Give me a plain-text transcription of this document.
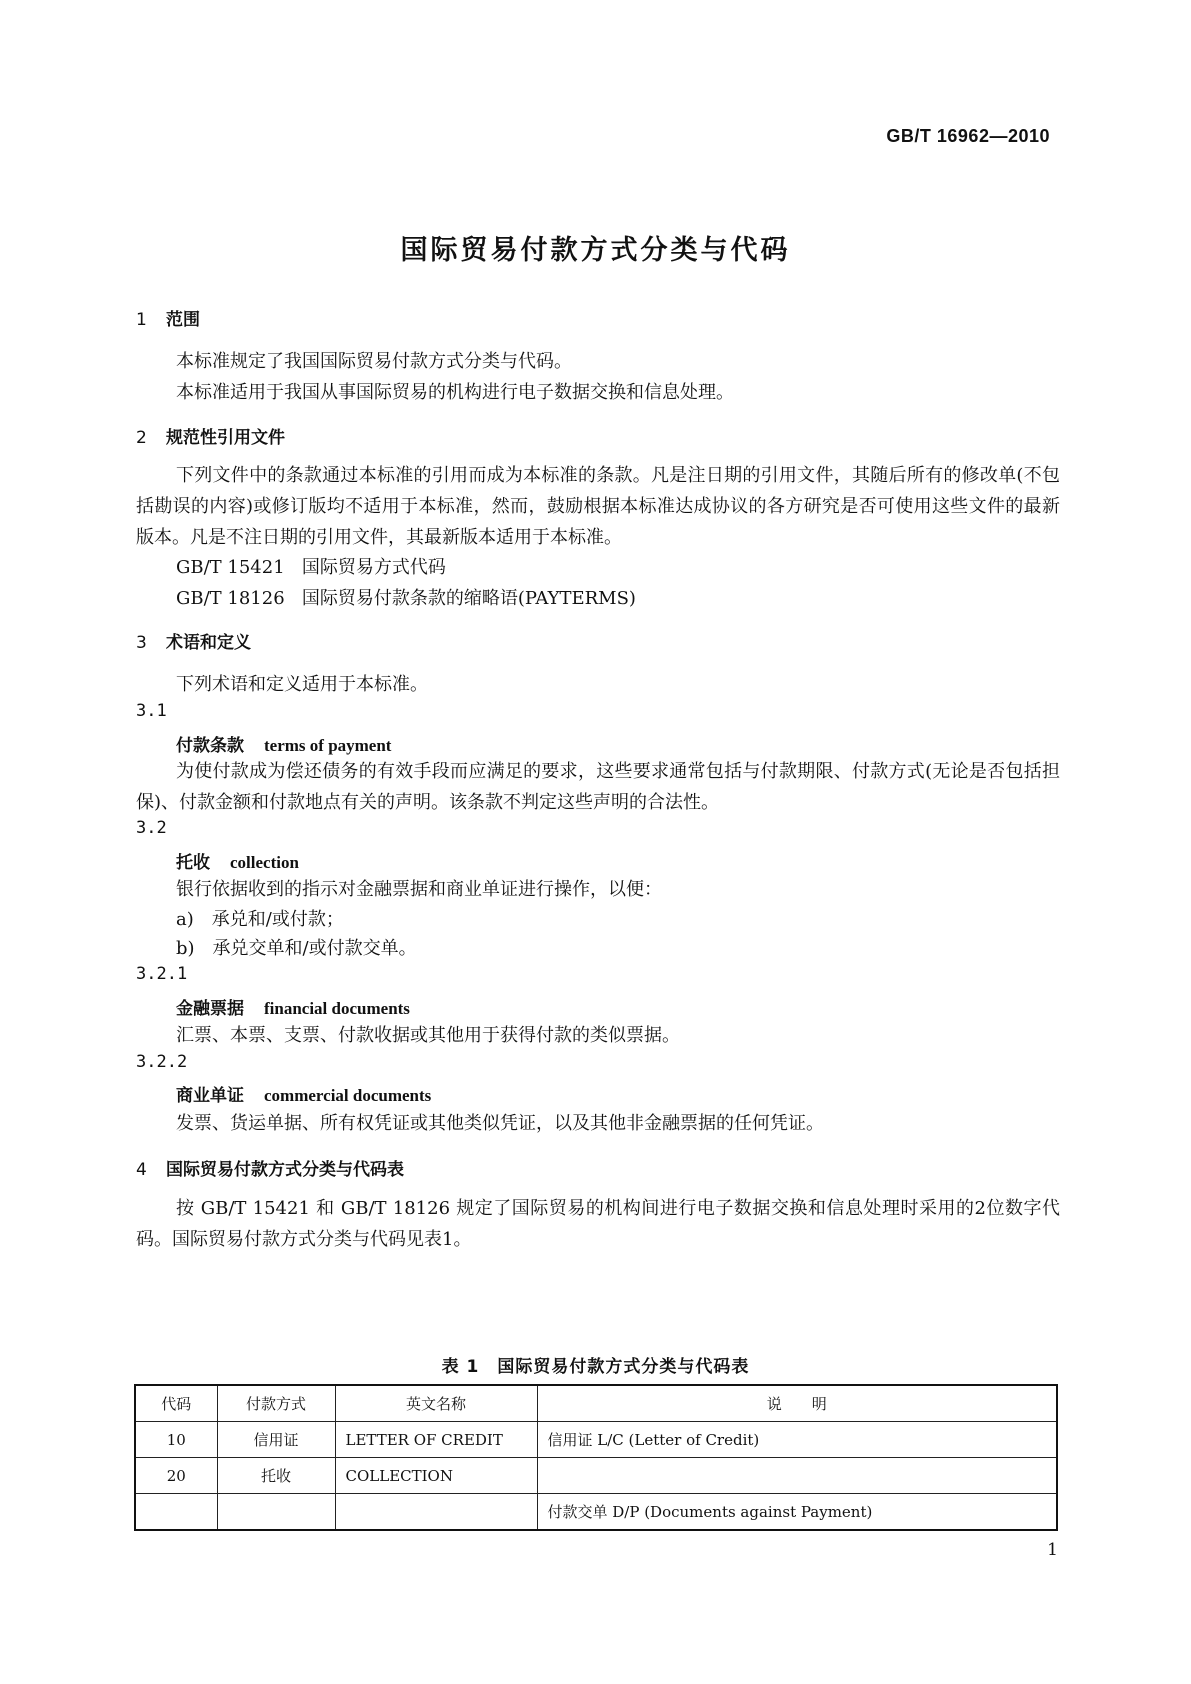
GB/T 16962—2010
国际贸易付款方式分类与代码
1 范围
本标准规定了我国国际贸易付款方式分类与代码。
本标准适用于我国从事国际贸易的机构进行电子数据交换和信息处理。
2 规范性引用文件
下列文件中的条款通过本标准的引用而成为本标准的条款。凡是注日期的引用文件，其随后所有的修改单(不包括勘误的内容)或修订版均不适用于本标准，然而，鼓励根据本标准达成协议的各方研究是否可使用这些文件的最新版本。凡是不注日期的引用文件，其最新版本适用于本标准。
GB/T 15421 国际贸易方式代码
GB/T 18126 国际贸易付款条款的缩略语(PAYTERMS)
3 术语和定义
下列术语和定义适用于本标准。
3.1
付款条款 terms of payment
为使付款成为偿还债务的有效手段而应满足的要求，这些要求通常包括与付款期限、付款方式(无论是否包括担保)、付款金额和付款地点有关的声明。该条款不判定这些声明的合法性。
3.2
托收 collection
银行依据收到的指示对金融票据和商业单证进行操作，以便：
a)　承兑和/或付款；
b)　承兑交单和/或付款交单。
3.2.1
金融票据 financial documents
汇票、本票、支票、付款收据或其他用于获得付款的类似票据。
3.2.2
商业单证 commercial documents
发票、货运单据、所有权凭证或其他类似凭证，以及其他非金融票据的任何凭证。
4 国际贸易付款方式分类与代码表
按 GB/T 15421 和 GB/T 18126 规定了国际贸易的机构间进行电子数据交换和信息处理时采用的2位数字代码。国际贸易付款方式分类与代码见表1。
表 1　国际贸易付款方式分类与代码表
代码	付款方式	英文名称	说　　明
10	信用证	LETTER OF CREDIT	信用证 L/C (Letter of Credit)
20	托收	COLLECTION	
			付款交单 D/P (Documents against Payment)
1
